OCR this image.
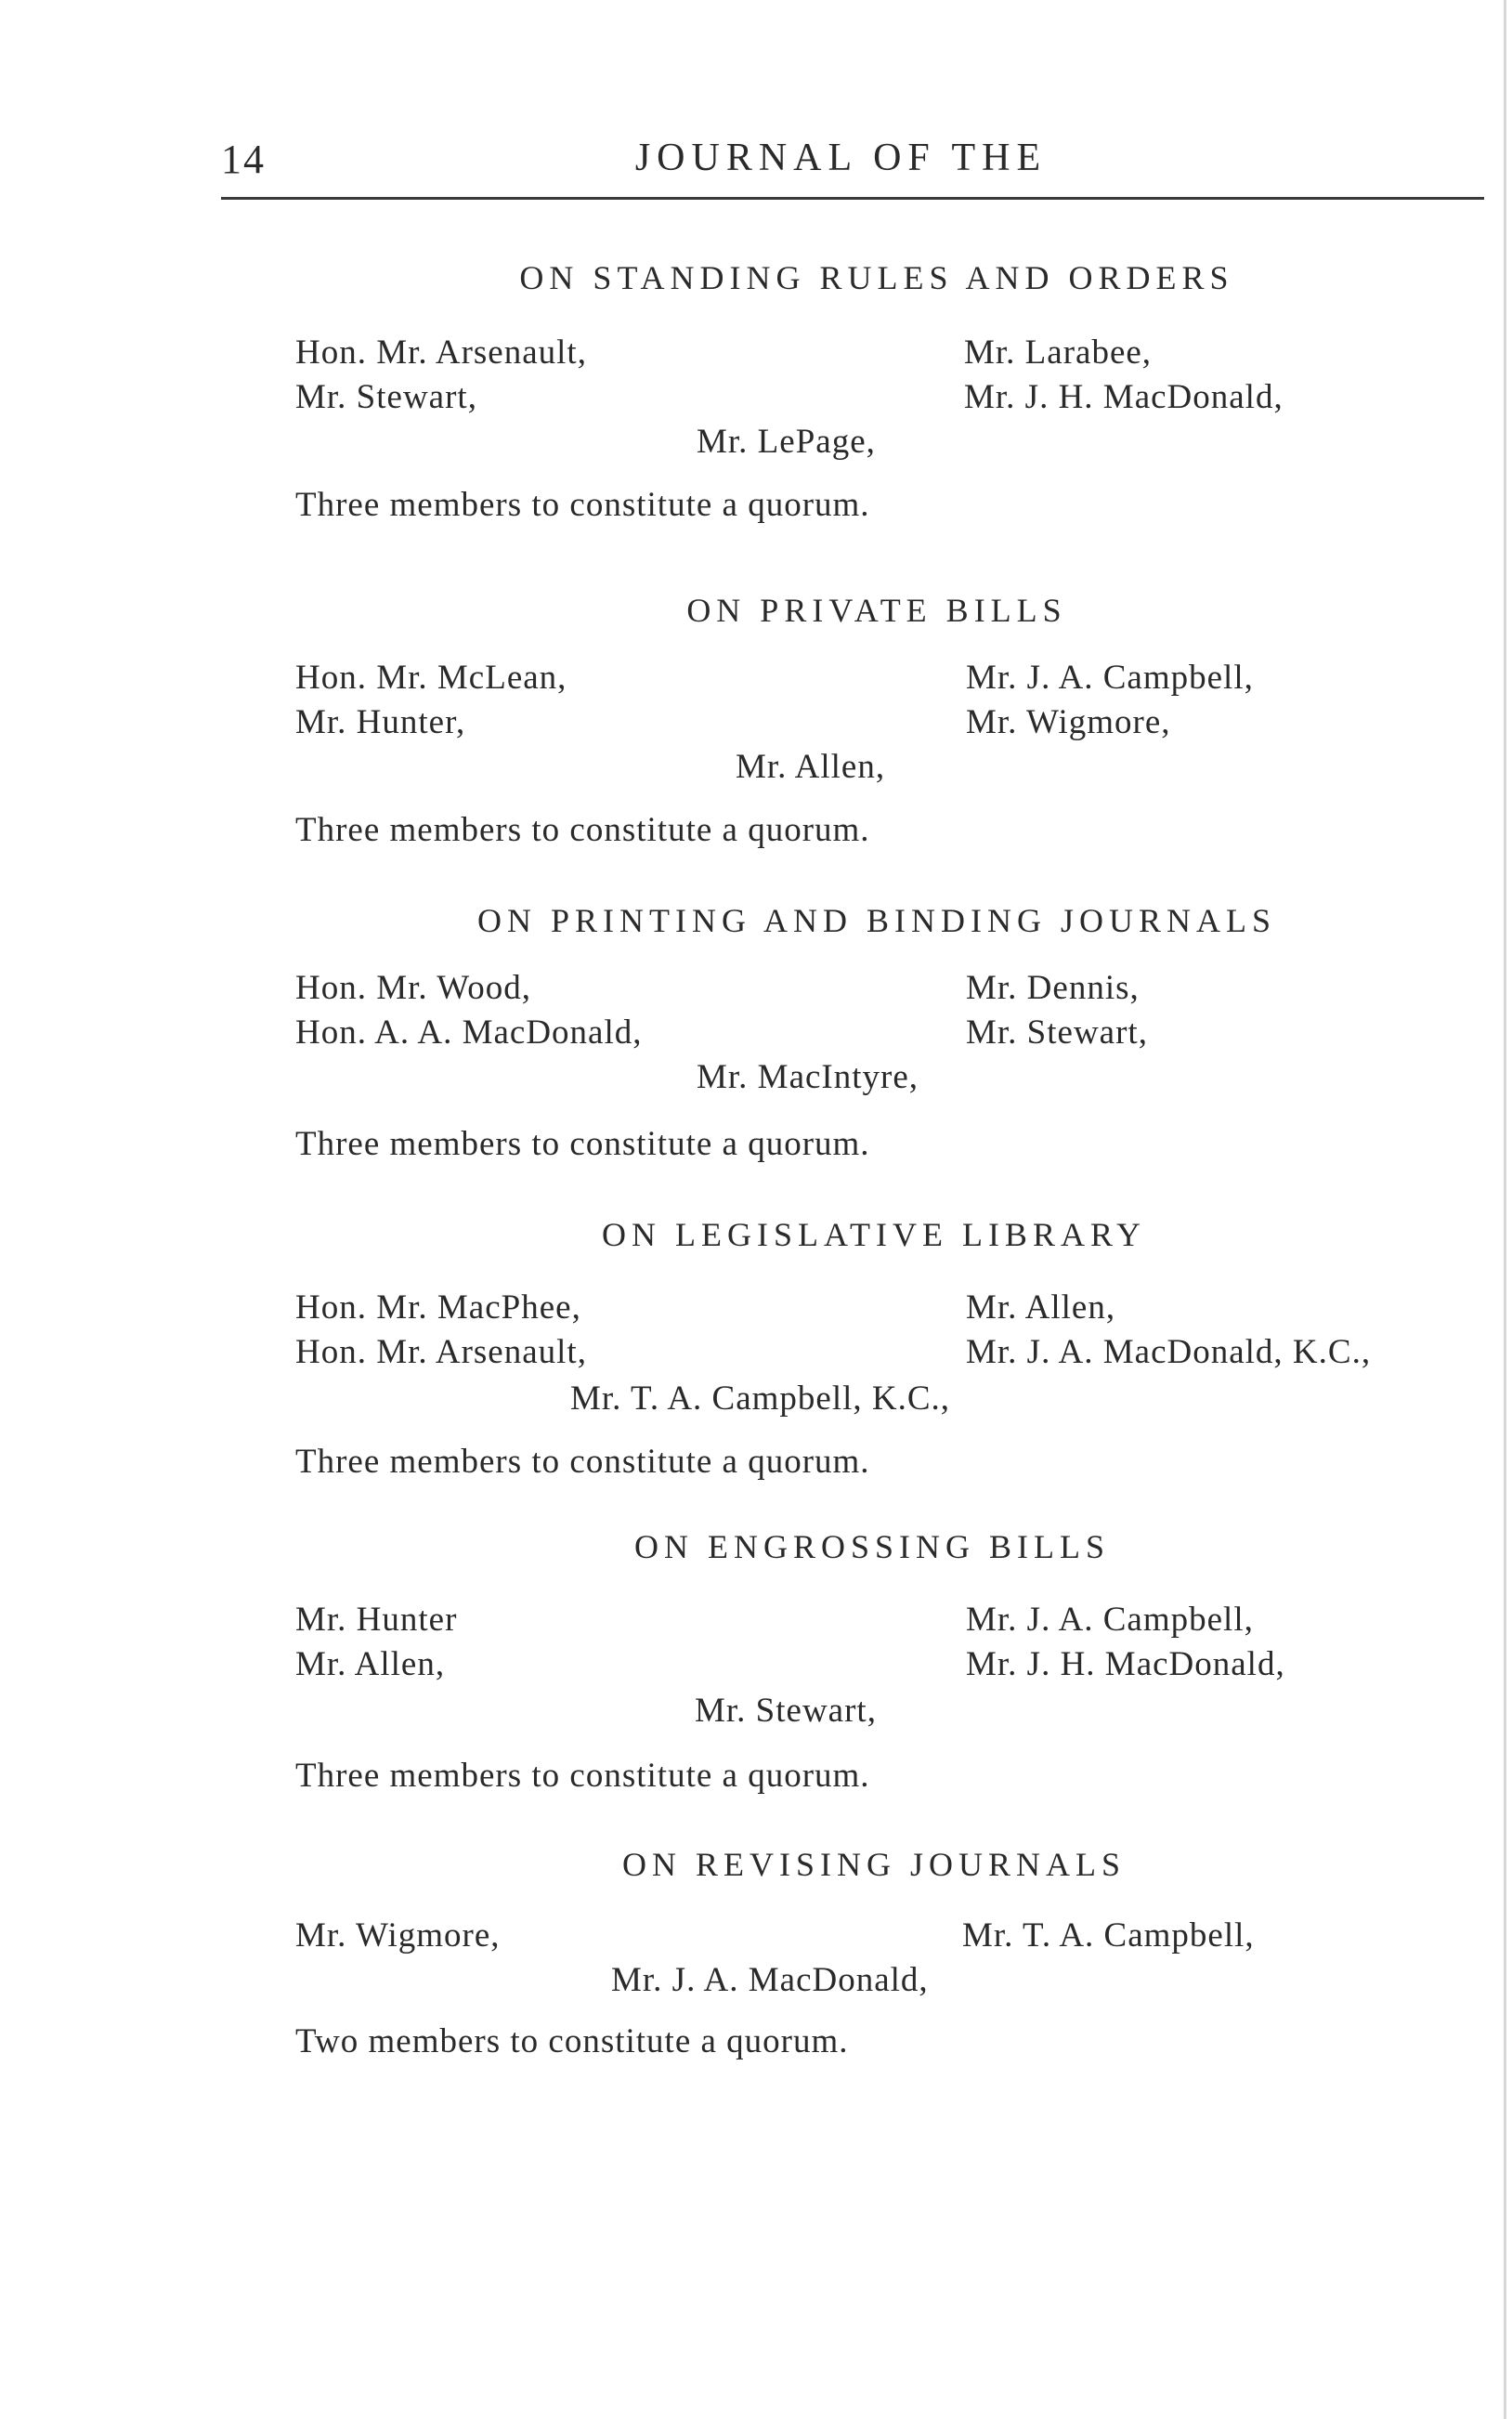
14	JOURNAL OF THE
ON STANDING RULES AND ORDERS
Hon. Mr. Arsenault,
Mr. Stewart,
Mr. Larabee,
Mr. J. H. MacDonald,
Mr. LePage,
Three members to constitute a quorum.
ON PRIVATE BILLS
Hon. Mr. McLean,
Mr. Hunter,
Mr. J. A. Campbell,
Mr. Wigmore,
Mr. Allen,
Three members to constitute a quorum.
ON PRINTING AND BINDING JOURNALS
Hon. Mr. Wood,
Hon. A. A. MacDonald,
Mr. Dennis,
Mr. Stewart,
Mr. MacIntyre,
Three members to constitute a quorum.
ON LEGISLATIVE LIBRARY
Hon. Mr. MacPhee,
Hon. Mr. Arsenault,
Mr. Allen,
Mr. J. A. MacDonald, K.C.,
Mr. T. A. Campbell, K.C.,
Three members to constitute a quorum.
ON ENGROSSING BILLS
Mr. Hunter
Mr. Allen,
Mr. J. A. Campbell,
Mr. J. H. MacDonald,
Mr. Stewart,
Three members to constitute a quorum.
ON REVISING JOURNALS
Mr. Wigmore,	Mr. T. A. Campbell,
Mr. J. A. MacDonald,
Two members to constitute a quorum.
